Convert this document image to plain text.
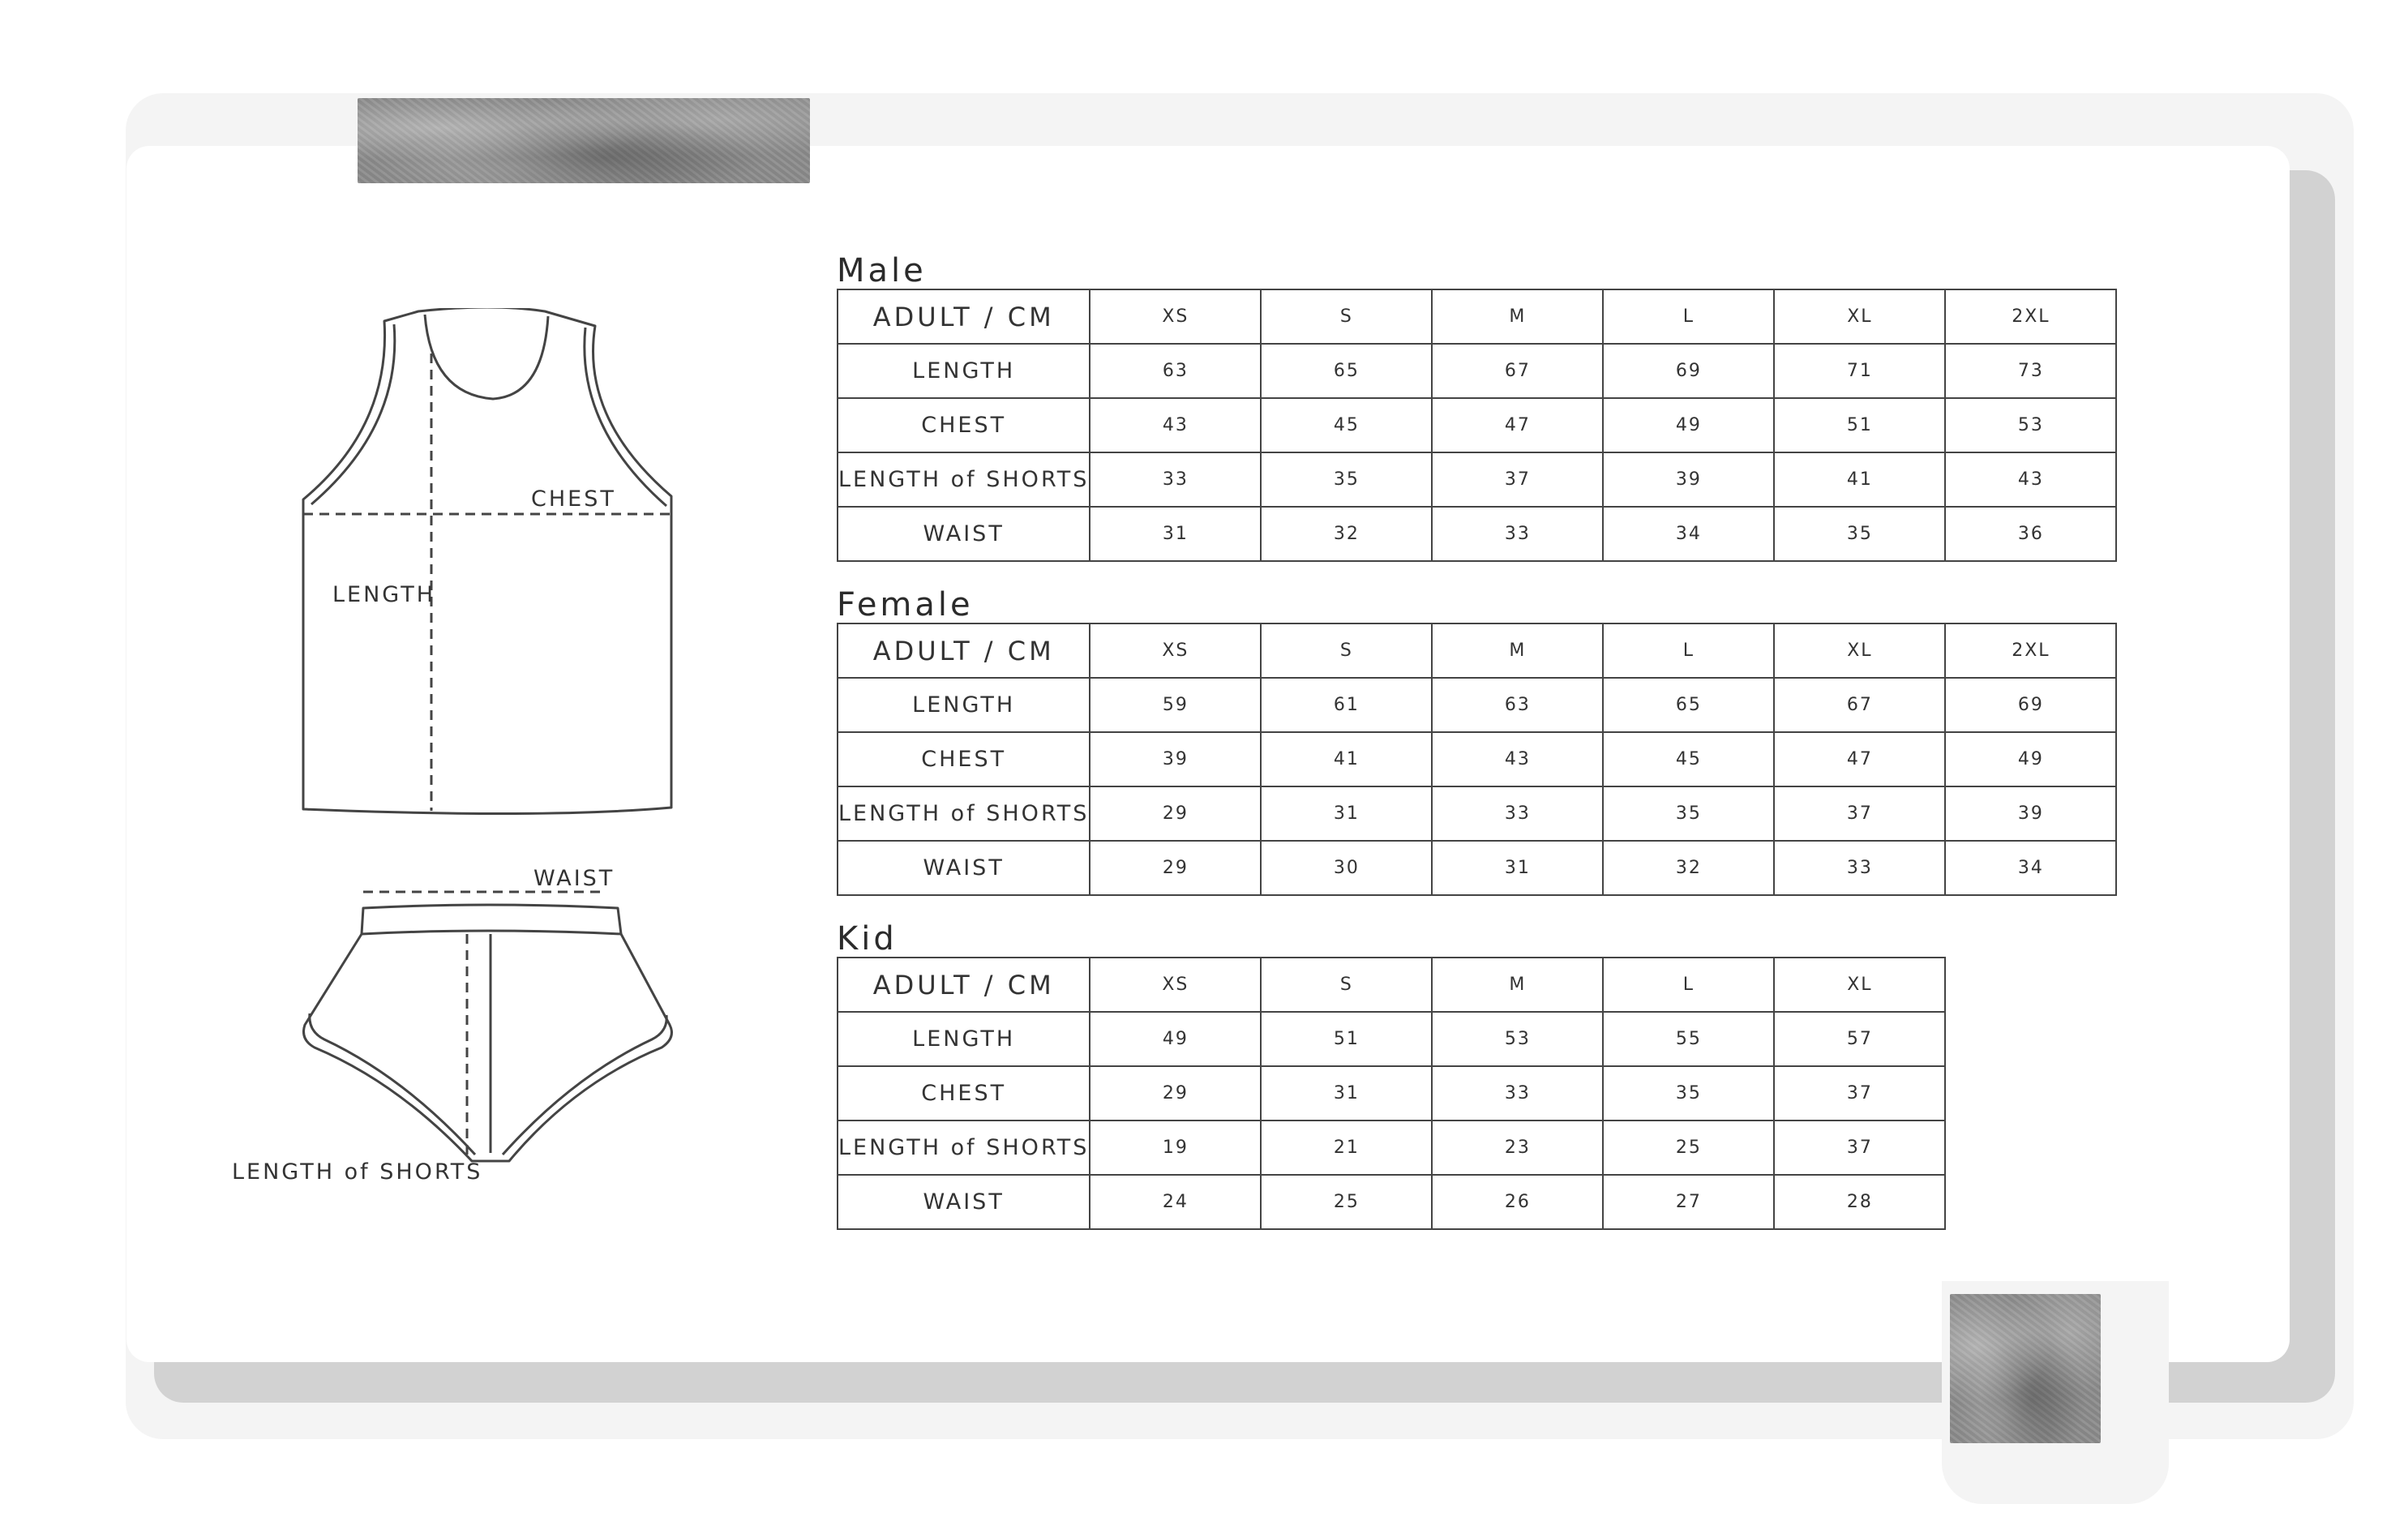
CHEST
LENGTH
WAIST
LENGTH of SHORTS
Male
ADULT / CM	XS	S	M	L	XL	2XL
LENGTH	63	65	67	69	71	73
CHEST	43	45	47	49	51	53
LENGTH of SHORTS	33	35	37	39	41	43
WAIST	31	32	33	34	35	36
Female
ADULT / CM	XS	S	M	L	XL	2XL
LENGTH	59	61	63	65	67	69
CHEST	39	41	43	45	47	49
LENGTH of SHORTS	29	31	33	35	37	39
WAIST	29	30	31	32	33	34
Kid
ADULT / CM	XS	S	M	L	XL
LENGTH	49	51	53	55	57
CHEST	29	31	33	35	37
LENGTH of SHORTS	19	21	23	25	37
WAIST	24	25	26	27	28
